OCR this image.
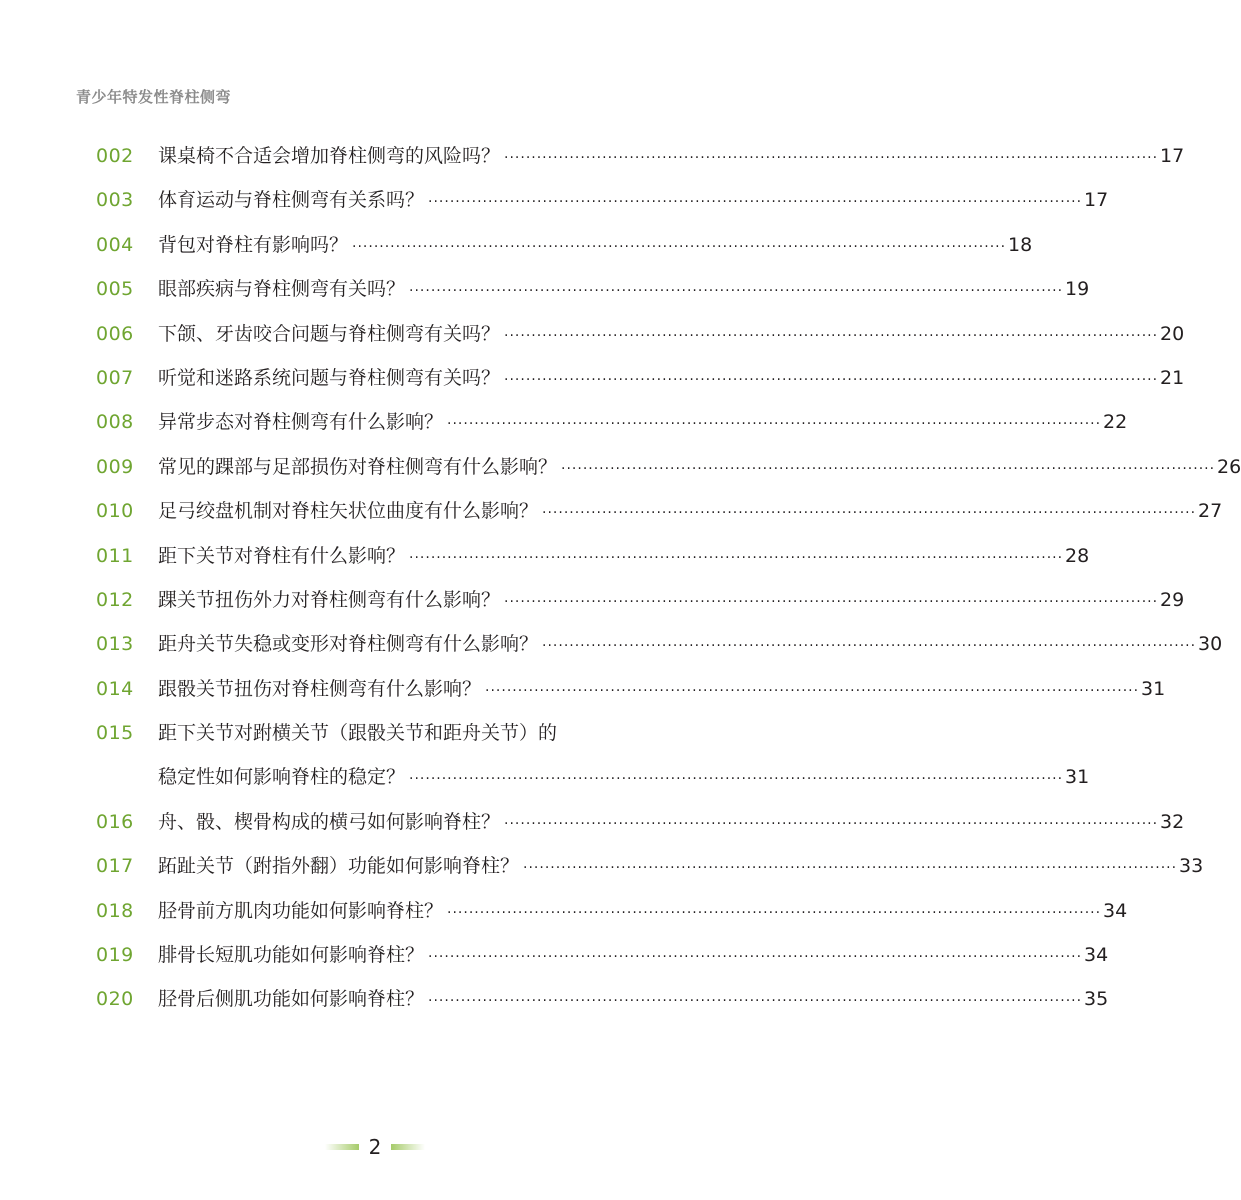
青少年特发性脊柱侧弯
002	课桌椅不合适会增加脊柱侧弯的风险吗？ ························································································································ 17
003	体育运动与脊柱侧弯有关系吗？ ························································································································ 17
004	背包对脊柱有影响吗？ ························································································································ 18
005	眼部疾病与脊柱侧弯有关吗？ ························································································································ 19
006	下颌、牙齿咬合问题与脊柱侧弯有关吗？ ························································································································ 20
007	听觉和迷路系统问题与脊柱侧弯有关吗？ ························································································································ 21
008	异常步态对脊柱侧弯有什么影响？ ························································································································ 22
009	常见的踝部与足部损伤对脊柱侧弯有什么影响？ ························································································································ 26
010	足弓绞盘机制对脊柱矢状位曲度有什么影响？ ························································································································ 27
011	距下关节对脊柱有什么影响？ ························································································································ 28
012	踝关节扭伤外力对脊柱侧弯有什么影响？ ························································································································ 29
013	距舟关节失稳或变形对脊柱侧弯有什么影响？ ························································································································ 30
014	跟骰关节扭伤对脊柱侧弯有什么影响？ ························································································································ 31
015	距下关节对跗横关节（跟骰关节和距舟关节）的
稳定性如何影响脊柱的稳定？ ························································································································ 31
016	舟、骰、楔骨构成的横弓如何影响脊柱？ ························································································································ 32
017	跖趾关节（跗指外翻）功能如何影响脊柱？ ························································································································ 33
018	胫骨前方肌肉功能如何影响脊柱？ ························································································································ 34
019	腓骨长短肌功能如何影响脊柱？ ························································································································ 34
020	胫骨后侧肌功能如何影响脊柱？ ························································································································ 35
2
